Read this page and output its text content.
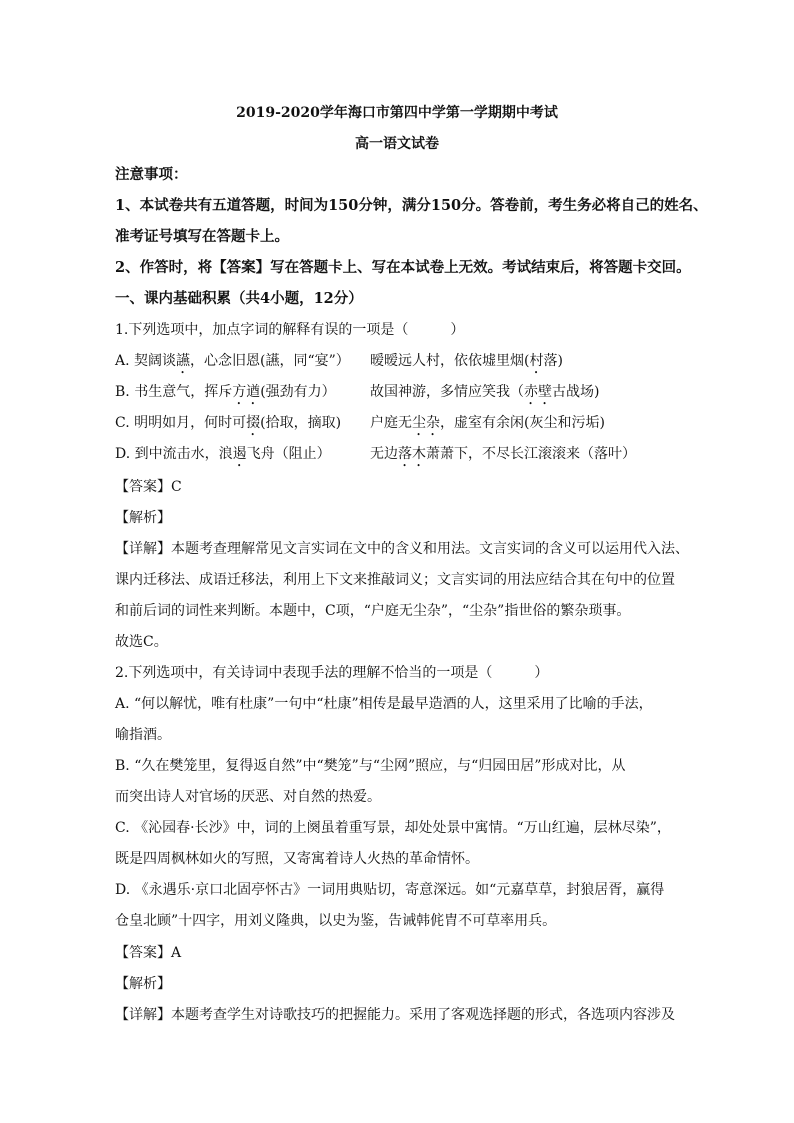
2019-2020学年海口市第四中学第一学期期中考试
高一语文试卷
注意事项：
1、本试卷共有五道答题，时间为150分钟，满分150分。答卷前，考生务必将自己的姓名、
准考证号填写在答题卡上。
2、作答时，将【答案】写在答题卡上、写在本试卷上无效。考试结束后，将答题卡交回。
一、课内基础积累（共4小题，12分）
1.下列选项中，加点字词的解释有误的一项是（	）
A. 契阔谈讌，心念旧恩(讌，同“宴”） 暧暧远人村，依依墟里烟(村落)
B. 书生意气，挥斥方遒(强劲有力） 故国神游，多情应笑我（赤壁古战场)
C. 明明如月，何时可掇(拾取，摘取) 户庭无尘杂，虚室有余闲(灰尘和污垢)
D. 到中流击水，浪遏飞舟（阻止）	无边落木萧萧下，不尽长江滚滚来（落叶）
【答案】C
【解析】
【详解】本题考查理解常见文言实词在文中的含义和用法。文言实词的含义可以运用代入法、
课内迁移法、成语迁移法，利用上下文来推敲词义；文言实词的用法应结合其在句中的位置
和前后词的词性来判断。本题中，C项，“户庭无尘杂”，“尘杂”指世俗的繁杂琐事。
故选C。
2.下列选项中，有关诗词中表现手法的理解不恰当的一项是（	）
A. “何以解忧，唯有杜康”一句中“杜康”相传是最早造酒的人，这里采用了比喻的手法，
喻指酒。
B. “久在樊笼里，复得返自然”中“樊笼”与“尘网”照应，与“归园田居”形成对比，从
而突出诗人对官场的厌恶、对自然的热爱。
C. 《沁园春·长沙》中，词的上阕虽着重写景，却处处景中寓情。“万山红遍，层林尽染”，
既是四周枫林如火的写照，又寄寓着诗人火热的革命情怀。
D. 《永遇乐·京口北固亭怀古》一词用典贴切，寄意深远。如“元嘉草草，封狼居胥，赢得
仓皇北顾”十四字，用刘义隆典，以史为鉴，告诫韩侂胄不可草率用兵。
【答案】A
【解析】
【详解】本题考查学生对诗歌技巧的把握能力。采用了客观选择题的形式，各选项内容涉及
